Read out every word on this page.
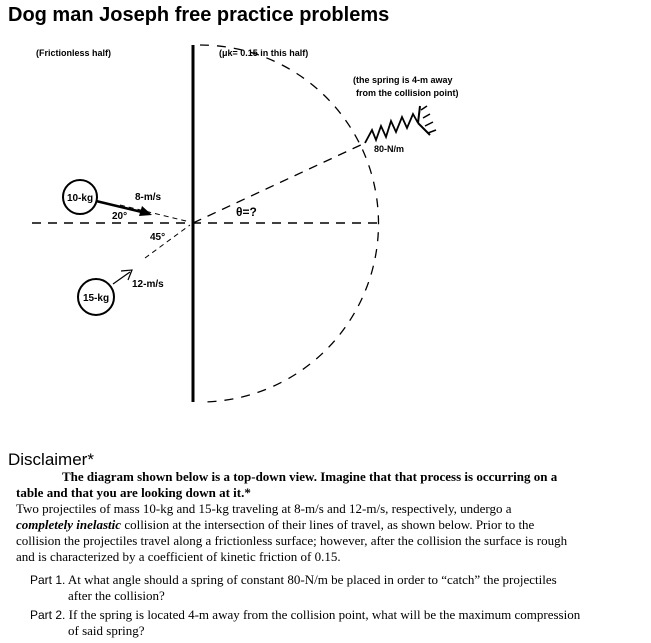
Dog man Joseph free practice problems
10-kg	8-m/s
20°
15-kg
12-m/s
45°
θ=?
(Frictionless half)	(μk= 0.15 in this half)
(the spring is 4-m away
from the collision point)
80-N/m
Disclaimer*
The diagram shown below is a top-down view. Imagine that that process is occurring on a
table and that you are looking down at it.*
Two projectiles of mass 10-kg and 15-kg traveling at 8-m/s and 12-m/s, respectively, undergo a
completely inelastic collision at the intersection of their lines of travel, as shown below. Prior to the
collision the projectiles travel along a frictionless surface; however, after the collision the surface is rough
and is characterized by a coefficient of kinetic friction of 0.15.
Part 1. At what angle should a spring of constant 80-N/m be placed in order to “catch” the projectiles
after the collision?
Part 2. If the spring is located 4-m away from the collision point, what will be the maximum compression
of said spring?
